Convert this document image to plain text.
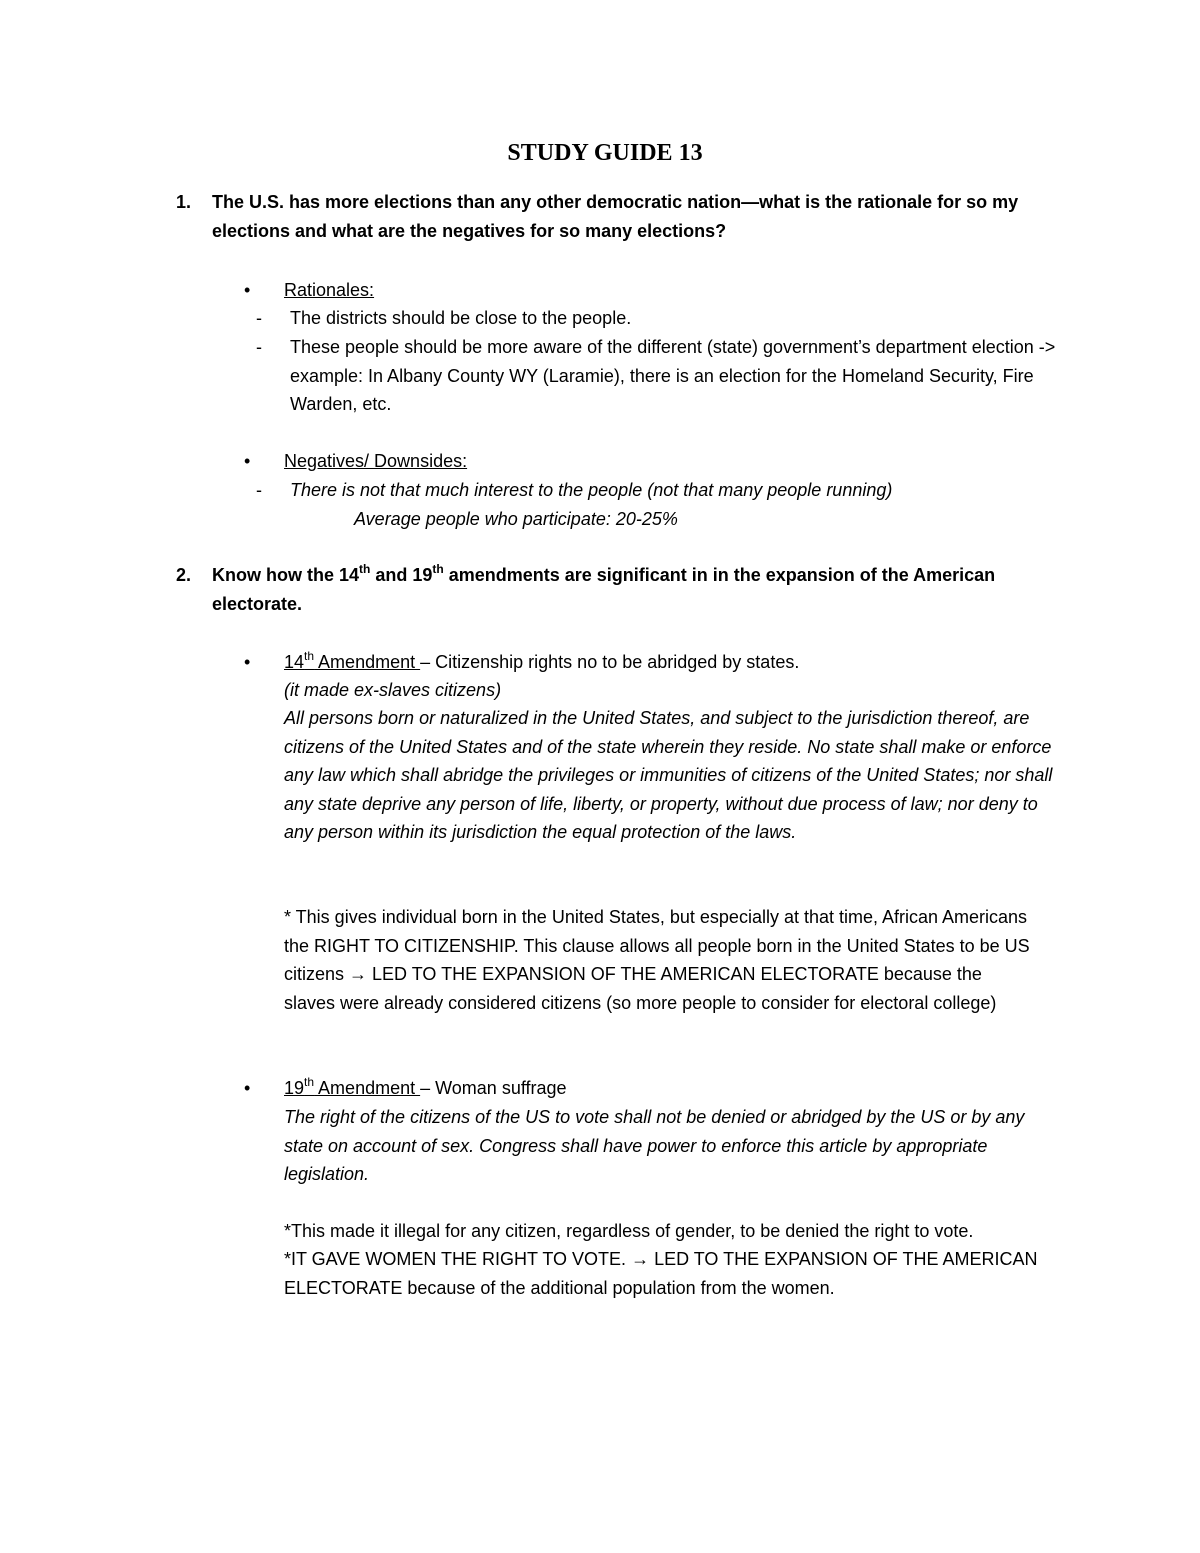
STUDY GUIDE 13
1. The U.S. has more elections than any other democratic nation—what is the rationale for so my elections and what are the negatives for so many elections?
• Rationales:
- The districts should be close to the people.
- These people should be more aware of the different (state) government’s department election -> example: In Albany County WY (Laramie), there is an election for the Homeland Security, Fire Warden, etc.
• Negatives/ Downsides:
- There is not that much interest to the people (not that many people running)
Average people who participate: 20-25%
2. Know how the 14th and 19th amendments are significant in in the expansion of the American electorate.
• 14th Amendment – Citizenship rights no to be abridged by states.
(it made ex-slaves citizens)
All persons born or naturalized in the United States, and subject to the jurisdiction thereof, are citizens of the United States and of the state wherein they reside. No state shall make or enforce any law which shall abridge the privileges or immunities of citizens of the United States; nor shall any state deprive any person of life, liberty, or property, without due process of law; nor deny to any person within its jurisdiction the equal protection of the laws.
* This gives individual born in the United States, but especially at that time, African Americans the RIGHT TO CITIZENSHIP. This clause allows all people born in the United States to be US citizens → LED TO THE EXPANSION OF THE AMERICAN ELECTORATE because the slaves were already considered citizens (so more people to consider for electoral college)
• 19th Amendment – Woman suffrage
The right of the citizens of the US to vote shall not be denied or abridged by the US or by any state on account of sex. Congress shall have power to enforce this article by appropriate legislation.
*This made it illegal for any citizen, regardless of gender, to be denied the right to vote.
*IT GAVE WOMEN THE RIGHT TO VOTE. → LED TO THE EXPANSION OF THE AMERICAN ELECTORATE because of the additional population from the women.
